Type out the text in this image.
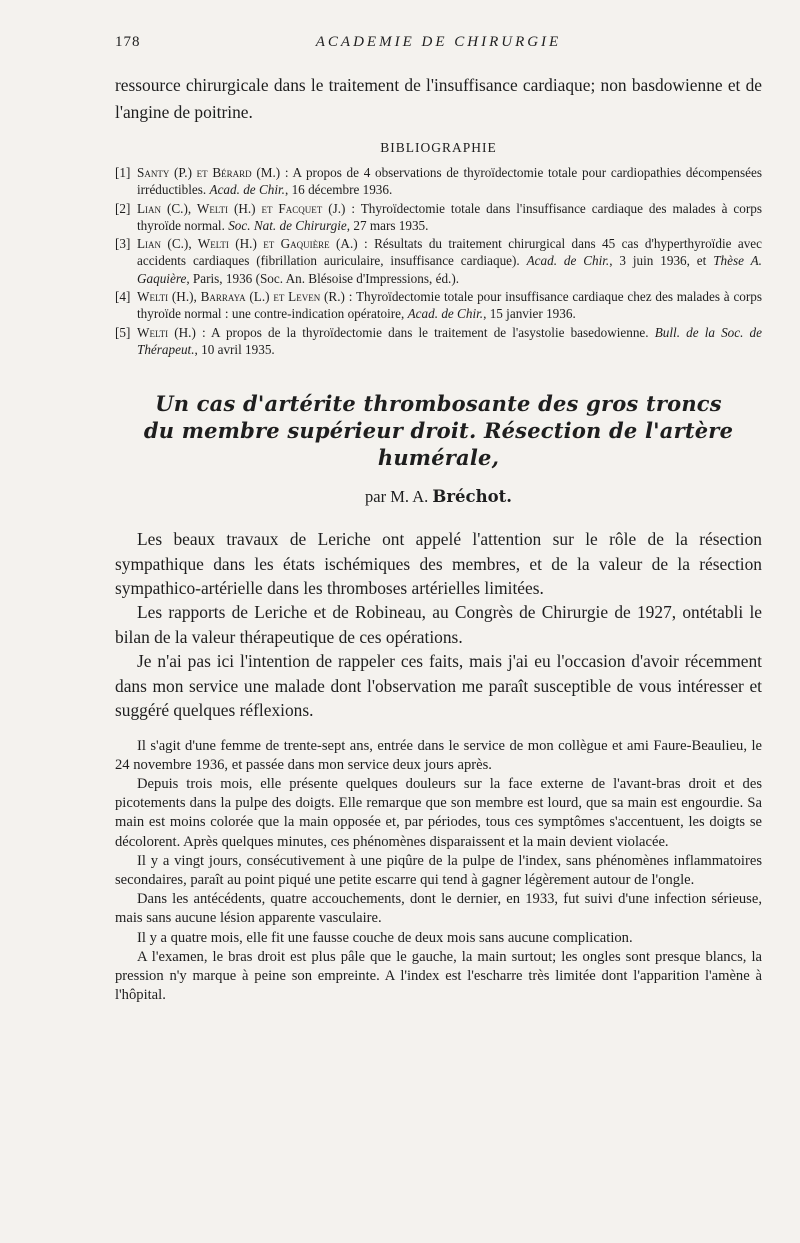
178	ACADEMIE DE CHIRURGIE

ressource chirurgicale dans le traitement de l'insuffisance cardiaque; non basdowienne et de l'angine de poitrine.

BIBLIOGRAPHIE

[1] Santy (P.) et Bérard (M.) : A propos de 4 observations de thyroïdectomie totale pour cardiopathies décompensées irréductibles. Acad. de Chir., 16 décembre 1936.

[2] Lian (C.), Welti (H.) et Facquet (J.) : Thyroïdectomie totale dans l'insuffisance cardiaque des malades à corps thyroïde normal. Soc. Nat. de Chirurgie, 27 mars 1935.

[3] Lian (C.), Welti (H.) et Gaquière (A.) : Résultats du traitement chirurgical dans 45 cas d'hyperthyroïdie avec accidents cardiaques (fibrillation auriculaire, insuffisance cardiaque). Acad. de Chir., 3 juin 1936, et Thèse A. Gaquière, Paris, 1936 (Soc. An. Blésoise d'Impressions, éd.).

[4] Welti (H.), Barraya (L.) et Leven (R.) : Thyroïdectomie totale pour insuffisance cardiaque chez des malades à corps thyroïde normal : une contre-indication opératoire, Acad. de Chir., 15 janvier 1936.

[5] Welti (H.) : A propos de la thyroïdectomie dans le traitement de l'asystolie basedowienne. Bull. de la Soc. de Thérapeut., 10 avril 1935.

Un cas d'artérite thrombosante des gros troncs
du membre supérieur droit. Résection de l'artère humérale,
par M. A. Bréchot.

Les beaux travaux de Leriche ont appelé l'attention sur le rôle de la résection sympathique dans les états ischémiques des membres, et de la valeur de la résection sympathico-artérielle dans les thromboses artérielles limitées.

Les rapports de Leriche et de Robineau, au Congrès de Chirurgie de 1927, ontétabli le bilan de la valeur thérapeutique de ces opérations.

Je n'ai pas ici l'intention de rappeler ces faits, mais j'ai eu l'occasion d'avoir récemment dans mon service une malade dont l'observation me paraît susceptible de vous intéresser et suggéré quelques réflexions.

Il s'agit d'une femme de trente-sept ans, entrée dans le service de mon collègue et ami Faure-Beaulieu, le 24 novembre 1936, et passée dans mon service deux jours après.

Depuis trois mois, elle présente quelques douleurs sur la face externe de l'avant-bras droit et des picotements dans la pulpe des doigts. Elle remarque que son membre est lourd, que sa main est engourdie. Sa main est moins colorée que la main opposée et, par périodes, tous ces symptômes s'accentuent, les doigts se décolorent. Après quelques minutes, ces phénomènes disparaissent et la main devient violacée.

Il y a vingt jours, consécutivement à une piqûre de la pulpe de l'index, sans phénomènes inflammatoires secondaires, paraît au point piqué une petite escarre qui tend à gagner légèrement autour de l'ongle.

Dans les antécédents, quatre accouchements, dont le dernier, en 1933, fut suivi d'une infection sérieuse, mais sans aucune lésion apparente vasculaire.

Il y a quatre mois, elle fit une fausse couche de deux mois sans aucune complication.

A l'examen, le bras droit est plus pâle que le gauche, la main surtout; les ongles sont presque blancs, la pression n'y marque à peine son empreinte. A l'index est l'escharre très limitée dont l'apparition l'amène à l'hôpital.
